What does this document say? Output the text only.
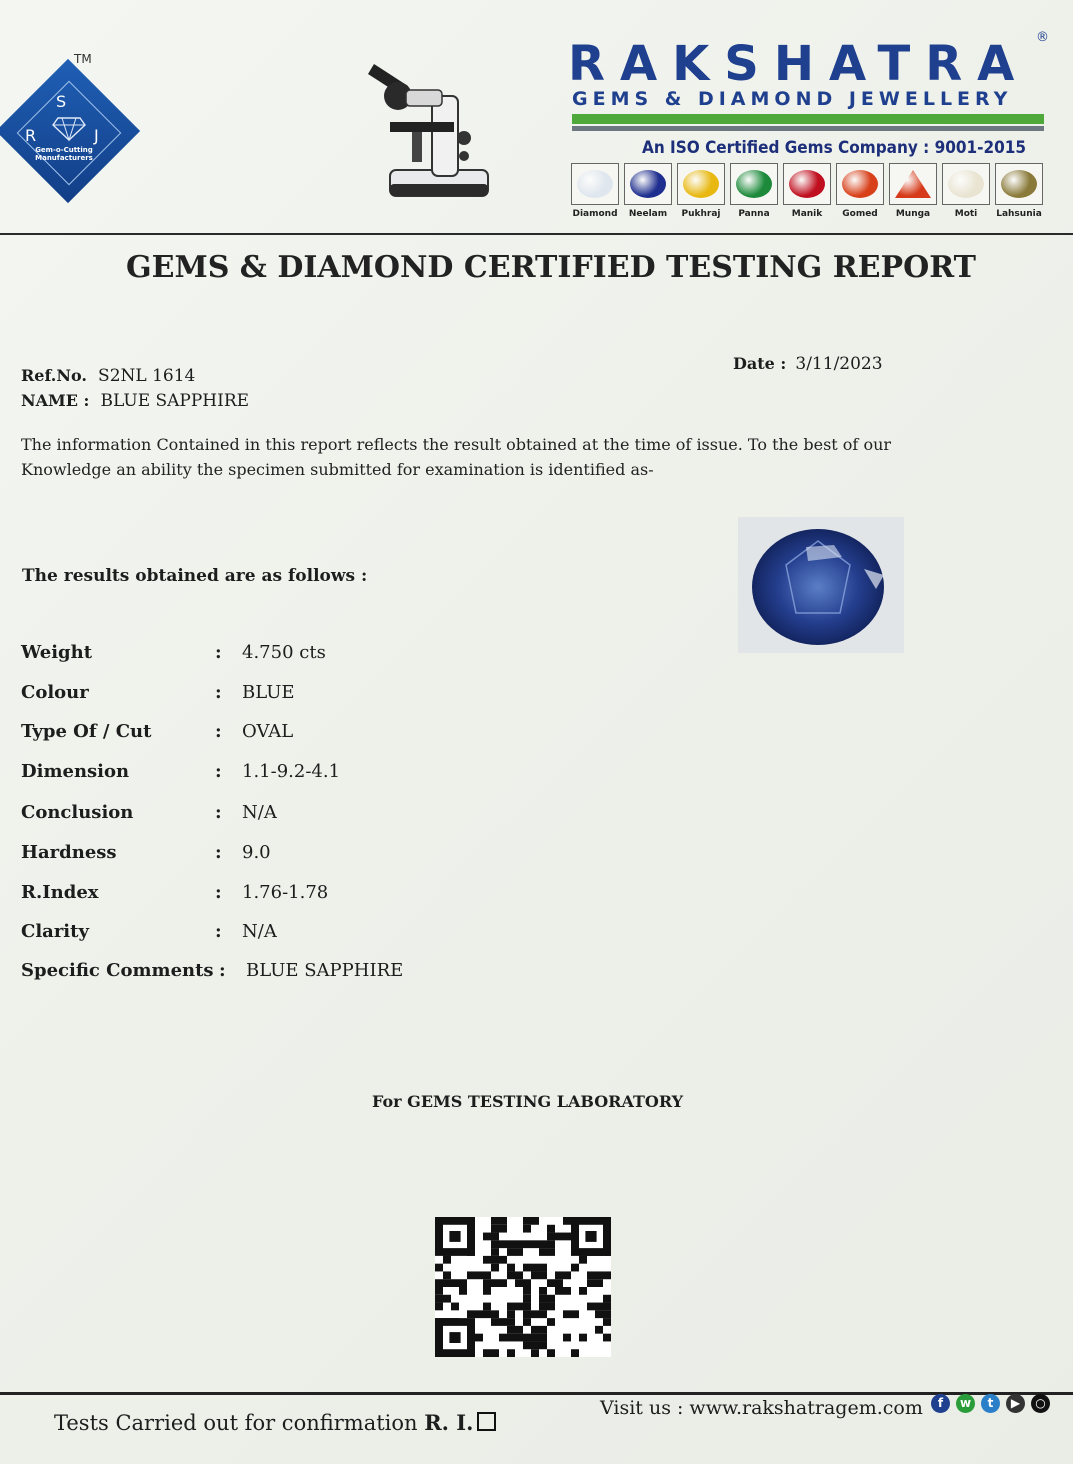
S
R	J
Gem-o-Cutting
Manufacturers
TM	RAKSHATRA ®
GEMS & DIAMOND JEWELLERY
An ISO Certified Gems Company : 9001-2015
Diamond	Neelam	Pukhraj	Panna	Manik	Gomed	Munga	Moti	Lahsunia
GEMS & DIAMOND CERTIFIED TESTING REPORT
Ref.No. S2NL 1614
NAME : BLUE SAPPHIRE
Date : 3/11/2023
The information Contained in this report reflects the result obtained at the time of issue. To the best of our Knowledge an ability the specimen submitted for examination is identified as-
The results obtained are as follows :
Weight	: 4.750 cts
Colour	: BLUE
Type Of / Cut	: OVAL
Dimension	: 1.1-9.2-4.1
Conclusion	: N/A
Hardness	: 9.0
R.Index	: 1.76-1.78
Clarity	: N/A
Specific Comments : BLUE SAPPHIRE
For GEMS TESTING LABORATORY
Tests Carried out for confirmation R. I.
Visit us : www.rakshatragem.com	f	w	t	▶	○
